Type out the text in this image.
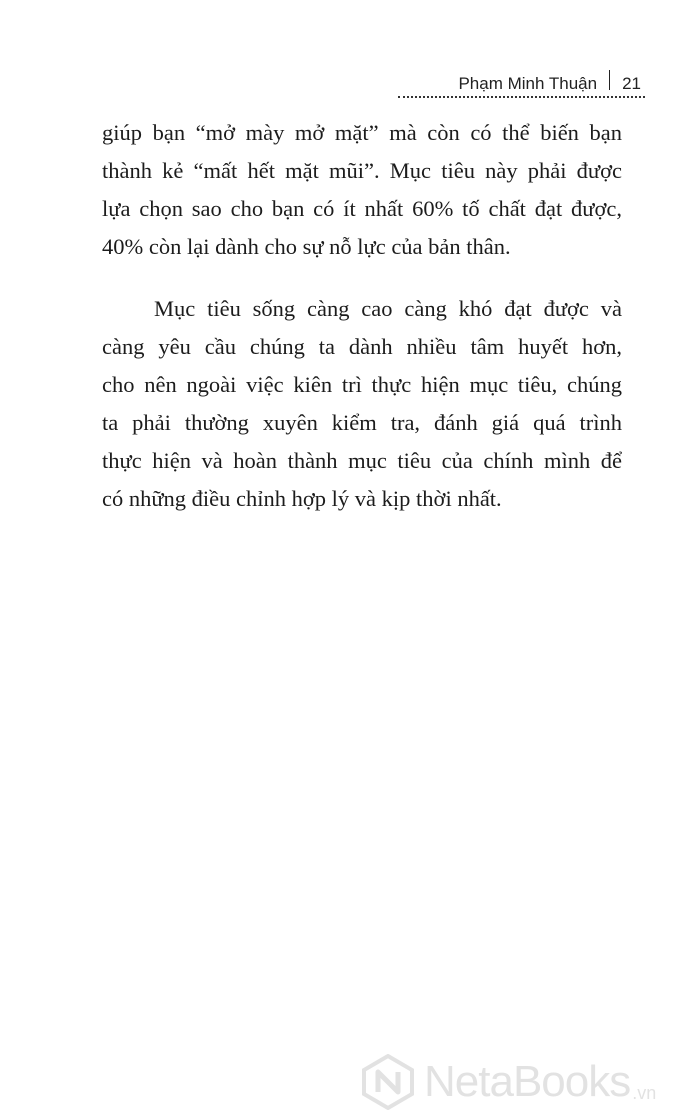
Phạm Minh Thuận	21

giúp bạn “mở mày mở mặt” mà còn có thể biến bạn
thành kẻ “mất hết mặt mũi”. Mục tiêu này phải được
lựa chọn sao cho bạn có ít nhất 60% tố chất đạt được,
40% còn lại dành cho sự nỗ lực của bản thân.

Mục tiêu sống càng cao càng khó đạt được và
càng yêu cầu chúng ta dành nhiều tâm huyết hơn,
cho nên ngoài việc kiên trì thực hiện mục tiêu, chúng
ta phải thường xuyên kiểm tra, đánh giá quá trình
thực hiện và hoàn thành mục tiêu của chính mình để
có những điều chỉnh hợp lý và kịp thời nhất.

NetaBooks .vn
